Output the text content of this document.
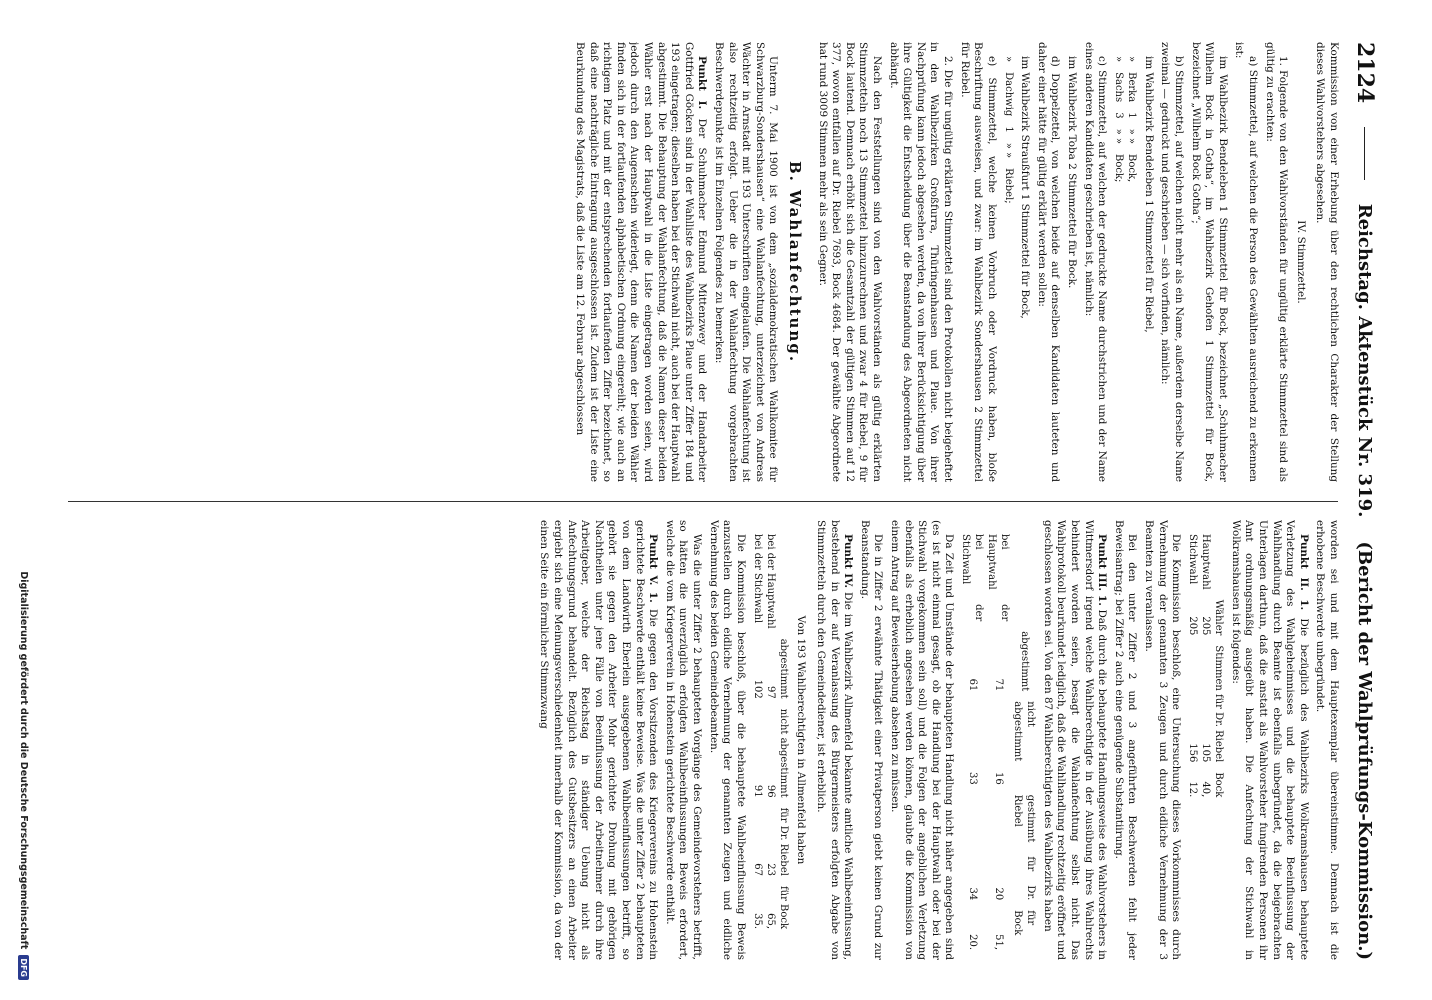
2124
Reichstag. Aktenstück Nr. 319.
(Bericht der Wahlprüfungs-Kommission.)

Kommission von einer Erhebung über den rechtlichen Charakter der Stellung dieses Wahlvorstehers abgesehen.

IV. Stimmzettel.

1. Folgende von den Wahlvorständen für ungültig erklärte Stimmzettel sind als gültig zu erachten:

a) Stimmzettel, auf welchen die Person des Gewählten ausreichend zu erkennen ist:

im Wahlbezirk Bendeleben 1 Stimmzettel für Bock, bezeichnet „Schuhmacher Wilhelm Bock in Gotha“, im Wahlbezirk Gehofen 1 Stimmzettel für Bock, bezeichnet „Wilhelm Bock Gotha“;

b) Stimmzettel, auf welchen nicht mehr als ein Name, außerdem derselbe Name zweimal — gedruckt und geschrieben — sich vorfinden, nämlich:

im Wahlbezirk Bendeleben 1 Stimmzettel für Riebel,

»	Berka	1	» »	Bock,
»	Sachs	3	» »	Bock;

c) Stimmzettel, auf welchen der gedruckte Name durchstrichen und der Name eines anderen Kandidaten geschrieben ist, nämlich:

im Wahlbezirk Toba 2 Stimmzettel für Bock.

d) Doppelzettel, von welchen beide auf denselben Kandidaten lauteten und daher einer hätte für gültig erklärt werden sollen:

im Wahlbezirk Straußfurt 1 Stimmzettel für Bock,

»	Dachwig	1	» »	Riebel;

e) Stimmzettel, welche keinen Vorbruch oder Vordruck haben, bloße Beschriftung ausweisen, und zwar: im Wahlbezirk Sondershausen 2 Stimmzettel für Riebel.

2. Die für ungültig erklärten Stimmzettel sind den Protokollen nicht beigeheftet in den Wahlbezirken Großfurra, Thüringenhausen und Plaue. Von ihrer Nachprüfung kann jedoch abgesehen werden, da von ihrer Berücksichtigung über ihre Gültigkeit die Entscheidung über die Beanstandung des Abgeordneten nicht abhängt.

Nach den Feststellungen sind von den Wahlvorständen als gültig erklärten Stimmzetteln noch 13 Stimmzettel hinzuzurechnen und zwar 4 für Riebel, 9 für Bock lautend. Demnach erhöht sich die Gesamtzahl der gültigen Stimmen auf 12 377, wovon entfallen auf Dr. Riebel 7693, Bock 4684. Der gewählte Abgeordnete hat rund 3009 Stimmen mehr als sein Gegner.

B. Wahlanfechtung.

Unterm 7. Mai 1900 ist von dem „sozialdemokratischen Wahlkomitee für Schwarzburg-Sondershausen“ eine Wahlanfechtung, unterzeichnet von Andreas Wächter in Arnstadt mit 193 Unterschriften eingelaufen. Die Wahlanfechtung ist also rechtzeitig erfolgt. Ueber die in der Wahlanfechtung vorgebrachten Beschwerdepunkte ist im Einzelnen Folgendes zu bemerken:

Punkt I. Der Schuhmacher Edmund Mittenzwey und der Handarbeiter Gottfried Göcken sind in der Wahlliste des Wahlbezirks Plaue unter Ziffer 184 und 193 eingetragen; dieselben haben bei der Stichwahl nicht, auch bei der Hauptwahl abgestimmt. Die Behauptung der Wahlanfechtung, daß die Namen dieser beiden Wähler erst nach der Hauptwahl in die Liste eingetragen worden seien, wird jedoch durch den Augenschein widerlegt, denn die Namen der beiden Wähler finden sich in der fortlaufenden alphabetischen Ordnung eingereiht; wie auch an richtigem Platz und mit der entsprechenden fortlaufenden Ziffer bezeichnet, so daß eine nachträgliche Eintragung ausgeschlossen ist. Zudem ist der Liste eine Beurkundung des Magistrats, daß die Liste am 12. Februar abgeschlossen

worden sei und mit dem Hauptexemplar übereinstimme. Demnach ist die erhobene Beschwerde unbegründet.

Punkt II. 1. Die bezüglich des Wahlbezirks Wolkramshausen behauptete Verletzung des Wahlgeheimnisses und die behauptete Beeinflussung der Wahlhandlung durch Beamte ist ebenfalls unbegründet, da die beigebrachten Unterlagen darthun, daß die anstatt als Wahlvorsteher fungirenden Personen ihr Amt ordnungsmäßig ausgeübt haben. Die Anfechtung der Stichwahl in Wolkramshausen ist folgendes:

	Wähler	Stimmen für Dr. Riebel	Bock
Hauptwahl	205	105	40,
Stichwahl	205	156	12.

Die Kommission beschloß, eine Untersuchung dieses Vorkommnisses durch Vernehmung der genannten 3 Zeugen und durch eidliche Vernehmung der 3 Beamten zu veranlassen.

Bei den unter Ziffer 2 und 3 angeführten Beschwerden fehlt jeder Beweisantrag; bei Ziffer 2 auch eine genügende Substantiirung.

Punkt III. 1. Daß durch die behauptete Handlungsweise des Wahlvorstehers in Wittmersdorf irgend welche Wahlberechtigte in der Ausübung ihres Wahlrechts behindert worden seien, besagt die Wahlanfechtung selbst nicht. Das Wahlprotokoll beurkundet lediglich, daß die Wahlhandlung rechtzeitig eröffnet und geschlossen worden sei. Von den 87 Wahlberechtigten des Wahlbezirks haben

	abgestimmt	nicht abgestimmt	gestimmt für Dr. Riebel	für Bock
bei der Hauptwahl	71	16	20	51,
bei der Stichwahl	61	33	34	20.

Da Zeit und Umstände der behaupteten Handlung nicht näher angegeben sind (es ist nicht einmal gesagt, ob die Handlung bei der Hauptwahl oder bei der Stichwahl vorgekommen sein soll) und die Folgen der angeblichen Verletzung ebenfalls als erheblich angesehen werden können, glaubte die Kommission von einem Antrag auf Beweiserhebung absehen zu müssen.

Die in Ziffer 2 erwähnte Thätigkeit einer Privatperson giebt keinen Grund zur Beanstandung.

Punkt IV. Die im Wahlbezirk Allmenfeld bekannte amtliche Wahlbeeinflussung, bestehend in der auf Veranlassung des Bürgermeisters erfolgten Abgabe von Stimmzetteln durch den Gemeindediener, ist erheblich.

Von 193 Wahlberechtigten in Allmenfeld haben

	abgestimmt	nicht abgestimmt	für Dr. Riebel	für Bock
bei der Hauptwahl	97	96	23	65,
bei der Stichwahl	102	91	67	35.

Die Kommission beschloß, über die behauptete Wahlbeeinflussung Beweis anzustellen durch eidliche Vernehmung der genannten Zeugen und eidliche Vernehmung des beiden Gemeindebeamten.

Was die unter Ziffer 2 behaupteten Vorgänge des Gemeindevorstehers betrifft, so hätten die unverzüglich erfolgten Wahlbeeinflussungen Beweis erfordert, welche die vom Kriegerverein in Hohenstein gerichtete Beschwerde enthält.

Punkt V. 1. Die gegen den Vorsitzenden des Kriegervereins zu Hohenstein gerichtete Beschwerde enthält keine Beweise. Was die unter Ziffer 2 behaupteten von dem Landwirth Eberlein ausgegebenen Wahlbeeinflussungen betrifft, so gehört sie gegen den Arbeiter Mohr gerichtete Drohung mit gehörigen Nachtheilen unter jene Fälle von Beeinflussung der Arbeitnehmer durch ihre Arbeitgeber, welche der Reichstag in ständiger Uebung nicht als Anfechtungsgrund behandelt. Bezüglich des Gutsbesitzers an einen Arbeiter ergiebt sich eine Meinungsverschiedenheit innerhalb der Kommission, da von der einen Seite ein förmlicher Stimmzwang

Digitalisierung gefördert durch die Deutsche Forschungsgemeinschaft
DFG
